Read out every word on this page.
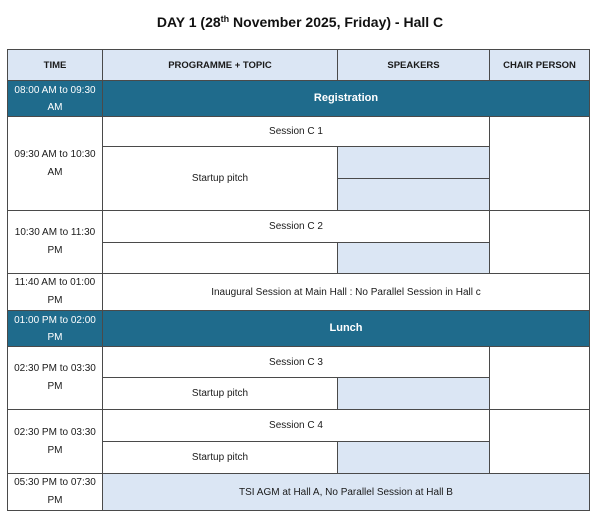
DAY 1 (28th November 2025, Friday) - Hall C
TIME	PROGRAMME + TOPIC	SPEAKERS	CHAIR PERSON
08:00 AM to 09:30 AM	Registration		
09:30 AM to 10:30 AM	Session C 1		
	Startup pitch		

10:30 AM to 11:30 PM	Session C 2		

11:40 AM to 01:00 PM	Inaugural Session at Main Hall : No Parallel Session in Hall c		
01:00 PM to 02:00 PM	Lunch		
02:30 PM to 03:30 PM	Session C 3		
	Startup pitch		
02:30 PM to 03:30 PM	Session C 4		
	Startup pitch		
05:30 PM to 07:30 PM	TSI AGM at Hall A, No Parallel Session at Hall B		
